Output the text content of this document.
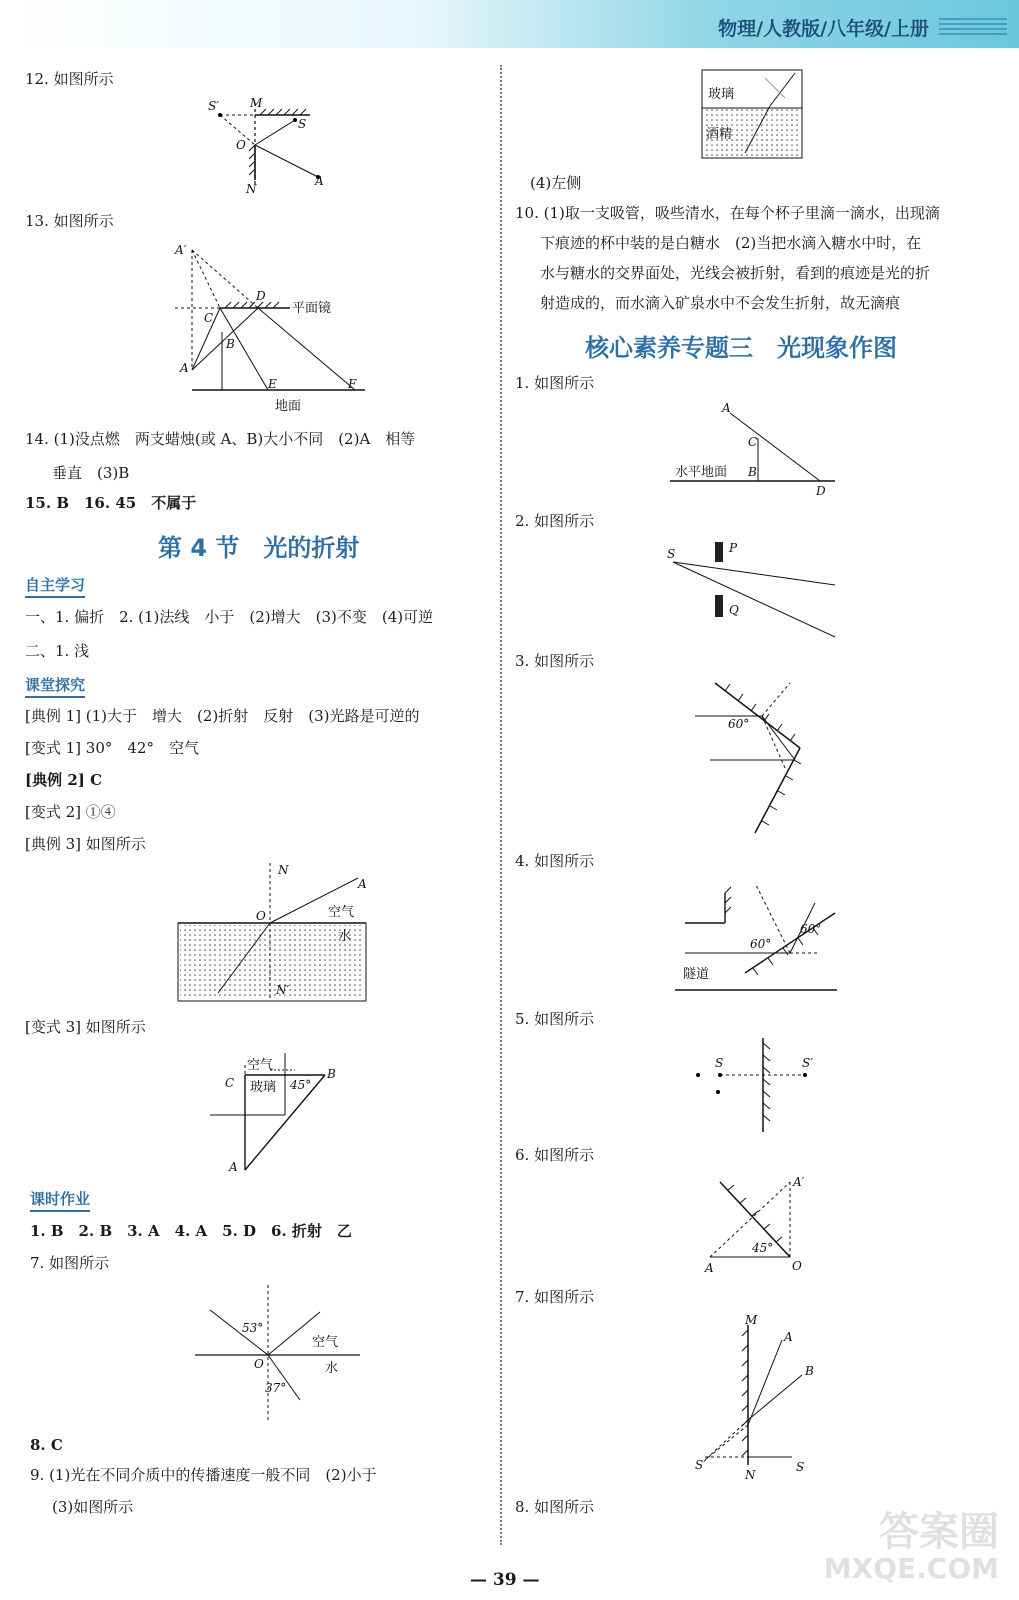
物理/人教版/八年级/上册
12. 如图所示
S′	M
S
O
N
A
13. 如图所示
A′
D
平面镜
C
B
A
E	F
地面
14. (1)没点燃　两支蜡烛(或 A、B)大小不同　(2)A　相等
垂直　(3)B
15. B　16. 45　不属于
第 4 节　光的折射
自主学习
一、1. 偏折　2. (1)法线　小于　(2)增大　(3)不变　(4)可逆
二、1. 浅
课堂探究
[典例 1] (1)大于　增大　(2)折射　反射　(3)光路是可逆的
[变式 1] 30°　42°　空气
[典例 2] C
[变式 2] ①④
[典例 3] 如图所示
N
A
O	空气
水
N′
[变式 3] 如图所示
空气
C 玻璃 45°
B
A
课时作业
1. B　2. B　3. A　4. A　5. D　6. 折射　乙
7. 如图所示
53°
空气
O	水
37°
8. C
9. (1)光在不同介质中的传播速度一般不同　(2)小于
(3)如图所示
玻璃
酒精
(4)左侧
10. (1)取一支吸管，吸些清水，在每个杯子里滴一滴水，出现滴
下痕迹的杯中装的是白糖水　(2)当把水滴入糖水中时，在
水与糖水的交界面处，光线会被折射，看到的痕迹是光的折
射造成的，而水滴入矿泉水中不会发生折射，故无滴痕
核心素养专题三　光现象作图
1. 如图所示
A
C
水平地面 B
D
2. 如图所示
S	P
Q
3. 如图所示
60°
4. 如图所示
60°
60°
隧道
5. 如图所示
S	S′
6. 如图所示
A′
45°
A	O
7. 如图所示
M
A
B
S′
N
S
8. 如图所示
— 39 —
答案圈
MXQE.COM
